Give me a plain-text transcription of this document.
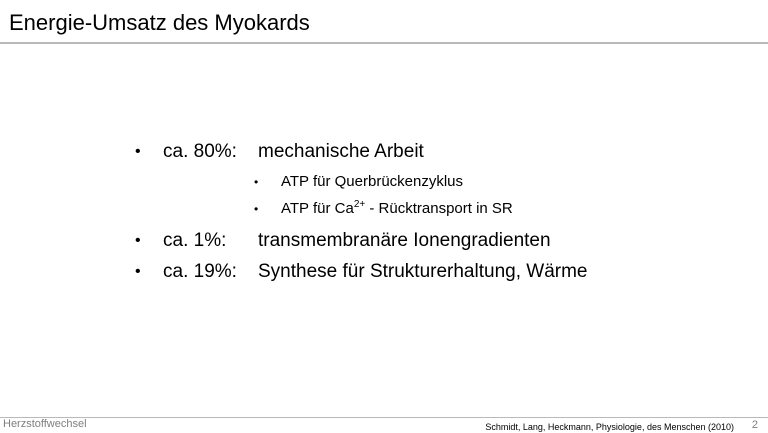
Energie-Umsatz des Myokards
• ca. 80%: mechanische Arbeit
• ATP für Querbrückenzyklus
• ATP für $Ca^{2+}$ - Rücktransport in SR
• ca. 1%: transmembranäre Ionengradienten
• ca. 19%: Synthese für Strukturerhaltung, Wärme
Herzstoffwechsel	Schmidt, Lang, Heckmann, Physiologie, des Menschen (2010) 2
